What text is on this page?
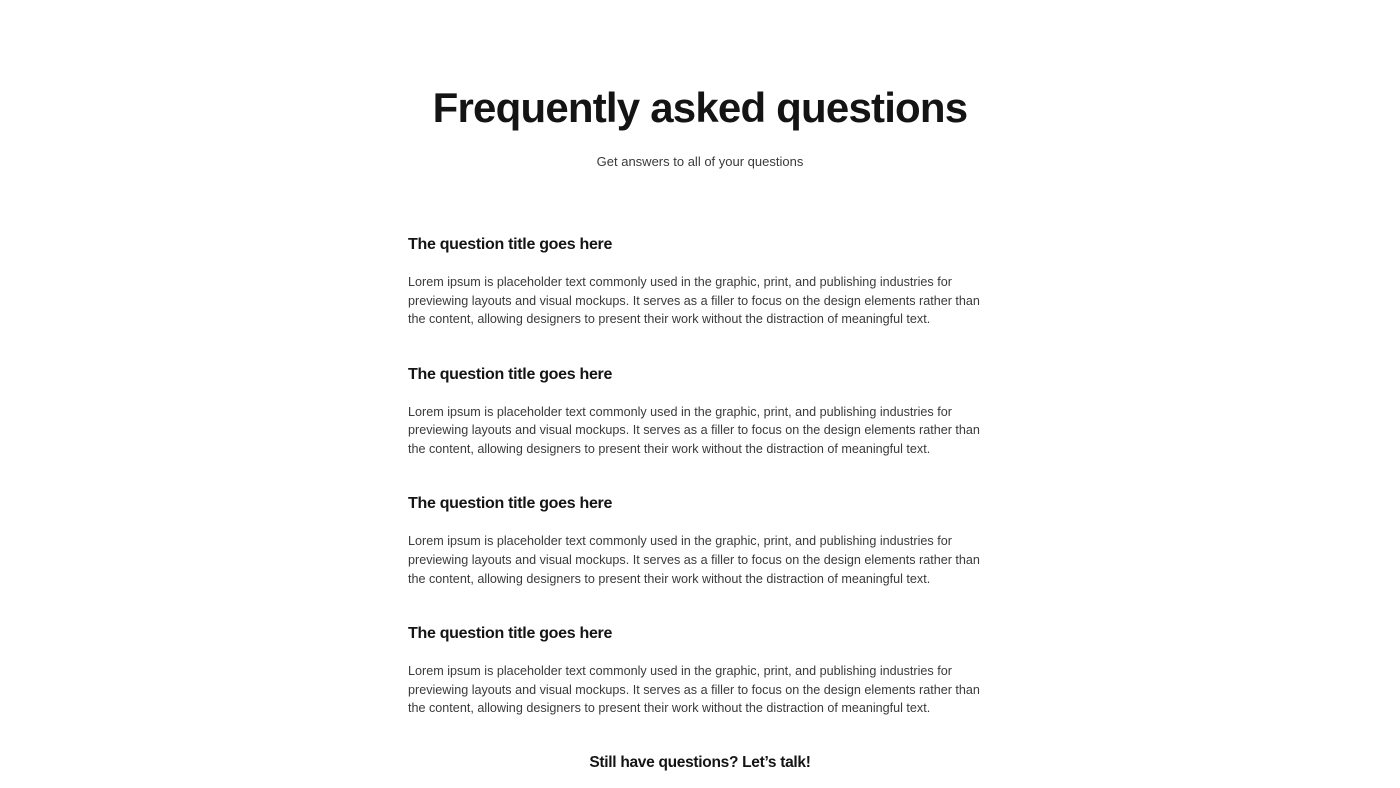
Frequently asked questions

Get answers to all of your questions

The question title goes here

Lorem ipsum is placeholder text commonly used in the graphic, print, and publishing industries for previewing layouts and visual mockups. It serves as a filler to focus on the design elements rather than the content, allowing designers to present their work without the distraction of meaningful text.

The question title goes here

Lorem ipsum is placeholder text commonly used in the graphic, print, and publishing industries for previewing layouts and visual mockups. It serves as a filler to focus on the design elements rather than the content, allowing designers to present their work without the distraction of meaningful text.

The question title goes here

Lorem ipsum is placeholder text commonly used in the graphic, print, and publishing industries for previewing layouts and visual mockups. It serves as a filler to focus on the design elements rather than the content, allowing designers to present their work without the distraction of meaningful text.

The question title goes here

Lorem ipsum is placeholder text commonly used in the graphic, print, and publishing industries for previewing layouts and visual mockups. It serves as a filler to focus on the design elements rather than the content, allowing designers to present their work without the distraction of meaningful text.

Still have questions? Let’s talk!
